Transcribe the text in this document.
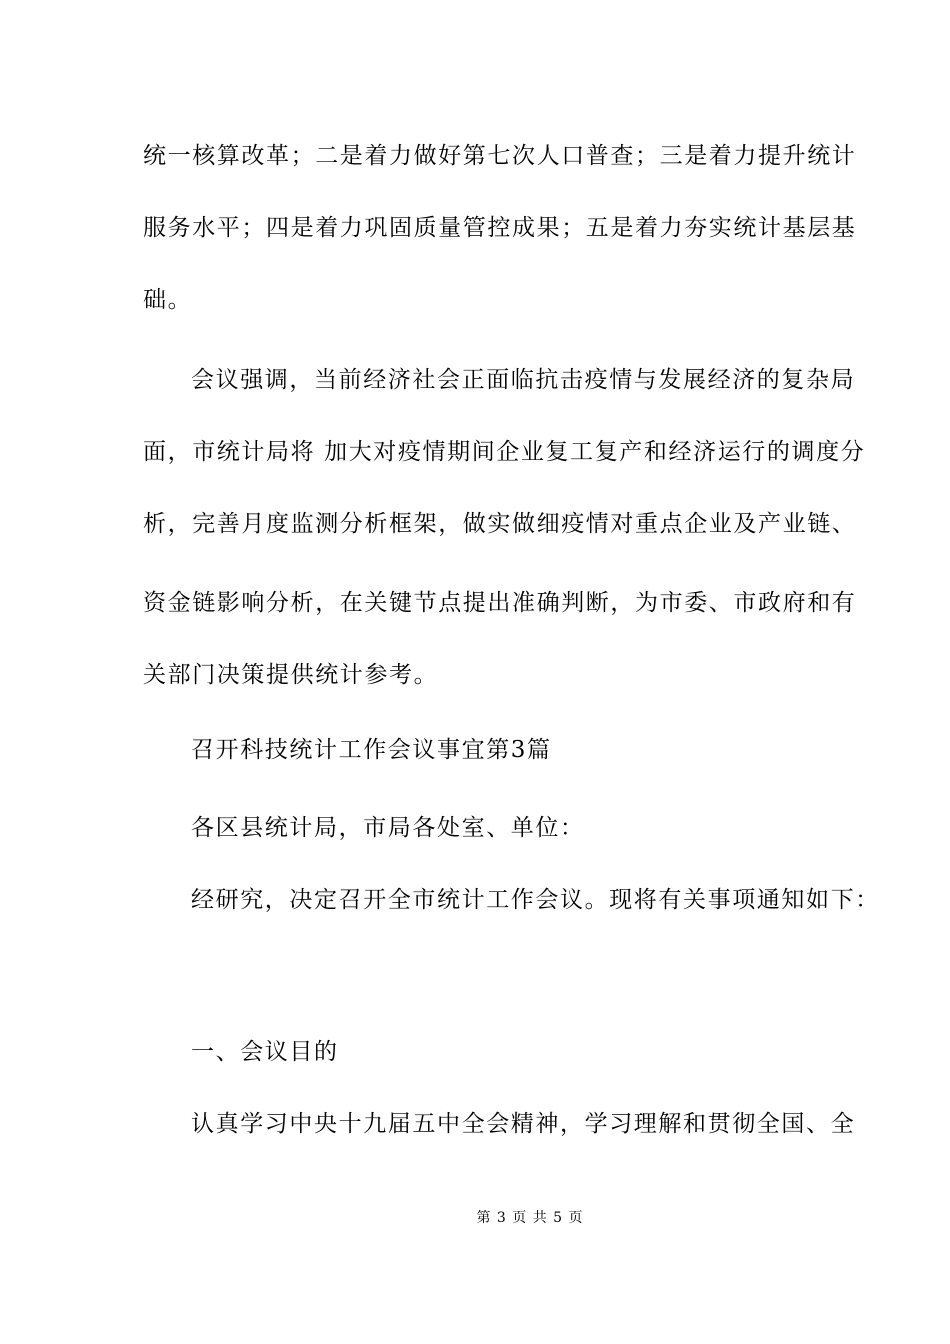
统一核算改革；二是着力做好第七次人口普查；三是着力提升统计
服务水平；四是着力巩固质量管控成果；五是着力夯实统计基层基
础。
会议强调，当前经济社会正面临抗击疫情与发展经济的复杂局
面，市统计局将 加大对疫情期间企业复工复产和经济运行的调度分
析，完善月度监测分析框架，做实做细疫情对重点企业及产业链、
资金链影响分析，在关键节点提出准确判断，为市委、市政府和有
关部门决策提供统计参考。
召开科技统计工作会议事宜第3篇
各区县统计局，市局各处室、单位：
经研究，决定召开全市统计工作会议。现将有关事项通知如下：
一、会议目的
认真学习中央十九届五中全会精神，学习理解和贯彻全国、全
第 3 页 共 5 页
